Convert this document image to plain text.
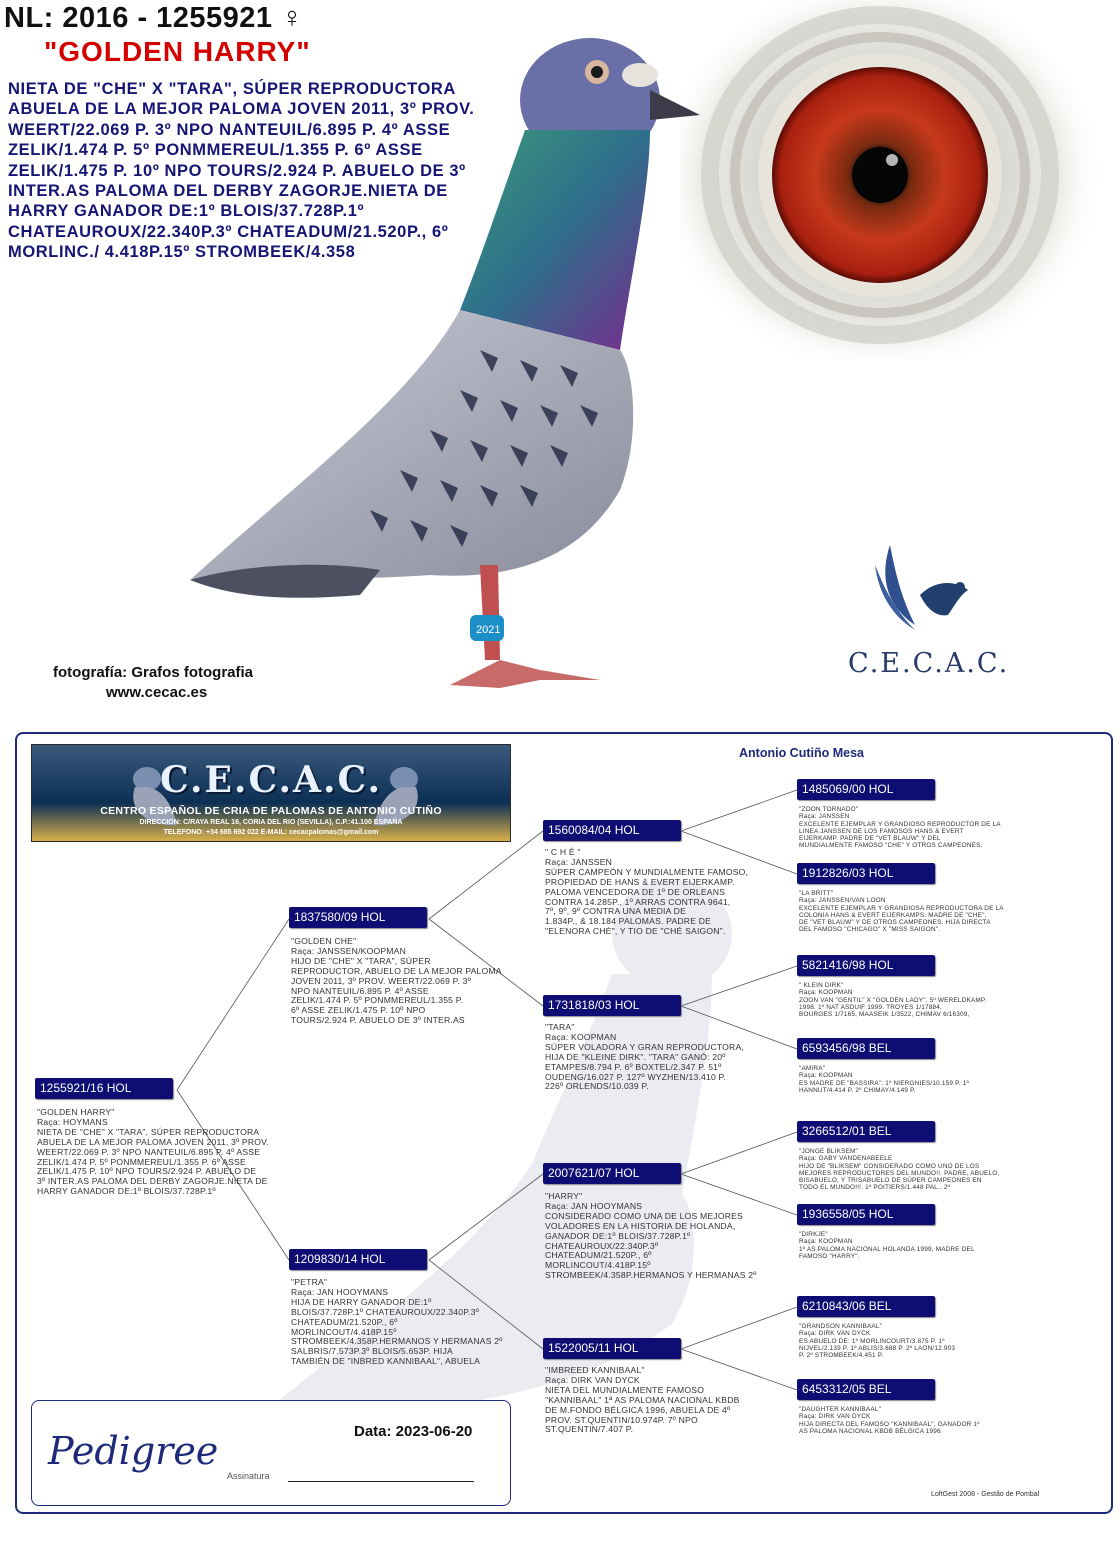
2021
NL: 2016 - 1255921 ♀
"GOLDEN HARRY"
NIETA DE "CHE" X "TARA", SÚPER REPRODUCTORA ABUELA DE LA MEJOR PALOMA JOVEN 2011, 3º PROV. WEERT/22.069 P. 3º NPO NANTEUIL/6.895 P. 4º ASSE ZELIK/1.474 P. 5º PONMMEREUL/1.355 P. 6º ASSE ZELIK/1.475 P. 10º NPO TOURS/2.924 P. ABUELO DE 3º INTER.AS PALOMA DEL DERBY ZAGORJE.NIETA DE HARRY GANADOR DE:1º BLOIS/37.728P.1º CHATEAUROUX/22.340P.3º CHATEADUM/21.520P., 6º MORLINC./ 4.418P.15º STROMBEEK/4.358
C.E.C.A.C.
fotografía: Grafos fotografia
www.cecac.es
C.E.C.A.C.
CENTRO ESPAÑOL DE CRIA DE PALOMAS DE ANTONIO CUTIÑO
DIRECCION: C/RAYA REAL 16, CORIA DEL RIO (SEVILLA), C.P.:41.100 ESPAÑA
TELEFONO: +34 685 692 022 E-MAIL: cecacpalomas@gmail.com
Antonio Cutiño Mesa
1255921/16 HOL
"GOLDEN HARRY"
Raça: HOYMANS
NIETA DE "CHE" X "TARA", SÚPER REPRODUCTORA
ABUELA DE LA MEJOR PALOMA JOVEN 2011, 3º PROV.
WEERT/22.069 P. 3º NPO NANTEUIL/6.895 P. 4º ASSE
ZELIK/1.474 P. 5º PONMMEREUL/1.355 P. 6º ASSE
ZELIK/1.475 P. 10º NPO TOURS/2.924 P. ABUELO DE
3º INTER.AS PALOMA DEL DERBY ZAGORJE.NIETA DE
HARRY GANADOR DE:1º BLOIS/37.728P.1º
1837580/09 HOL
"GOLDEN CHE"
Raça: JANSSEN/KOOPMAN
HIJO DE "CHE" X "TARA", SÚPER
REPRODUCTOR, ABUELO DE LA MEJOR PALOMA
JOVEN 2011, 3º PROV. WEERT/22.069 P. 3º
NPO NANTEUIL/6.895 P. 4º ASSE
ZELIK/1.474 P. 5º PONMMEREUL/1.355 P.
6º ASSE ZELIK/1.475 P. 10º NPO
TOURS/2.924 P. ABUELO DE 3º INTER.AS
1209830/14 HOL
"PETRA"
Raça: JAN HOOYMANS
HIJA DE HARRY GANADOR DE:1º
BLOIS/37.728P.1º CHATEAUROUX/22.340P.3º
CHATEADUM/21.520P., 6º
MORLINCOUT/4.418P.15º
STROMBEEK/4.358P.HERMANOS Y HERMANAS 2º
SALBRIS/7.573P.3º BLOIS/5.653P. HIJA
TAMBIÉN DE "INBRED KANNIBAAL", ABUELA
1560084/04 HOL
" C H É "
Raça: JANSSEN
SÚPER CAMPEÓN Y MUNDIALMENTE FAMOSO,
PROPIEDAD DE HANS & EVERT EIJERKAMP.
PALOMA VENCEDORA DE 1º DE ORLEANS
CONTRA 14.285P., 1º ARRAS CONTRA 9641,
7º, 9º, 9º CONTRA UNA MEDIA DE
1.834P., & 18.184 PALOMAS. PADRE DE
"ELENORA CHÉ", Y TIO DE "CHÉ SAIGON".
1731818/03 HOL
"TARA"
Raça: KOOPMAN
SÚPER VOLADORA Y GRAN REPRODUCTORA,
HIJA DE "KLEINE DIRK". "TARA" GANÓ: 20º
ETAMPES/8.794 P. 6º BOXTEL/2.347 P. 51º
OUDENG/16.027 P. 127º WYZHEN/13.410 P.
226º ORLENDS/10.039 P.
2007621/07 HOL
"HARRY"
Raça: JAN HOOYMANS
CONSIDERADO COMO UNA DE LOS MEJORES
VOLADORES EN LA HISTORIA DE HOLANDA,
GANADOR DE:1º BLOIS/37.728P.1º
CHATEAUROUX/22.340P.3º
CHATEADUM/21.520P., 6º
MORLINCOUT/4.418P.15º
STROMBEEK/4.358P.HERMANOS Y HERMANAS 2º
1522005/11 HOL
"IMBREED KANNIBAAL"
Raça: DIRK VAN DYCK
NIETA DEL MUNDIALMENTE FAMOSO
"KANNIBAAL" 1ª AS PALOMA NACIONAL KBDB
DE M.FONDO BÉLGICA 1996, ABUELA DE 4º
PROV. ST.QUENTIN/10.974P. 7º NPO
ST.QUENTIN/7.407 P.
1485069/00 HOL
"ZOON TORNADO"
Raça: JANSSEN
EXCELENTE EJEMPLAR Y GRANDIOSO REPRODUCTOR DE LA
LINEA JANSSEN DE LOS FAMOSOS HANS & EVERT
EIJERKAMP. PADRE DE "VET BLAUW" Y DEL
MUNDIALMENTE FAMOSO "CHE" Y OTROS CAMPEONES.
1912826/03 HOL
"LA BRITT"
Raça: JANSSEN/VAN LOON
EXCELENTE EJEMPLAR Y GRANDIOSA REPRODUCTORA DE LA
COLONIA HANS & EVERT EIJERKAMPS. MADRE DE "CHE",
DE "VET BLAUW" Y DE OTROS CAMPEONES. HIJA DIRECTA
DEL FAMOSO "CHICAGO" X "MISS SAIGON".
5821416/98 HOL
" KLEIN DIRK"
Raça: KOOPMAN
ZOON VAN "GENTIL" X "GOLDEN LADY". 5º WERELDKAMP.
1998. 1º NAT ASDUIF 1999. TROYES 1/17884,
BOURGES 1/7165, MAASEIK 1/3522, CHIMAV 6/16309,
6593456/98 BEL
"AMIRA"
Raça: KOOPMAN
ES MADRE DE "BASSIRA": 1º NIERGNIES/10.159 P. 1º
HANNUT/4.414 P. 2º CHIMAY/4.149 P.
3266512/01 BEL
"JONGE BLIKSEM"
Raça: GABY VANDENABEELE
HIJO DE "BLIKSEM" CONSIDERADO COMO UNO DE LOS
MEJORES REPRODUCTORES DEL MUNDO!!. PADRE, ABUELO,
BISABUELO, Y TRISABUELO DE SÚPER CAMPEONES EN
TODO EL MUNDO!!!. 1º POITIERS/1.448 PAL., 2º
1936558/05 HOL
"DIRKJE"
Raça: KOOPMAN
1º AS PALOMA NACIONAL HOLANDA 1999, MADRE DEL
FAMOSO "HARRY".
6210843/06 BEL
"GRANDSON KANNIBAAL"
Raça: DIRK VAN DYCK
ES ABUELO DE: 1º MORLINCOURT/3.875 P. 1º
NIJVEL/2.139 P. 1º ABLIS/3.688 P. 2º LAON/12.903
P. 2º STROMBEEK/4.451 P.
6453312/05 BEL
"DAUGHTER KANNIBAAL"
Raça: DIRK VAN DYCK
HIJA DIRECTA DEL FAMOSO "KANNIBAAL", GANADOR 1º
AS PALOMA NACIONAL KBDB BÉLGICA 1996.
Pedigree	Data: 2023-06-20
Assinatura
LoftGest 2008 - Gestão de Pombal
